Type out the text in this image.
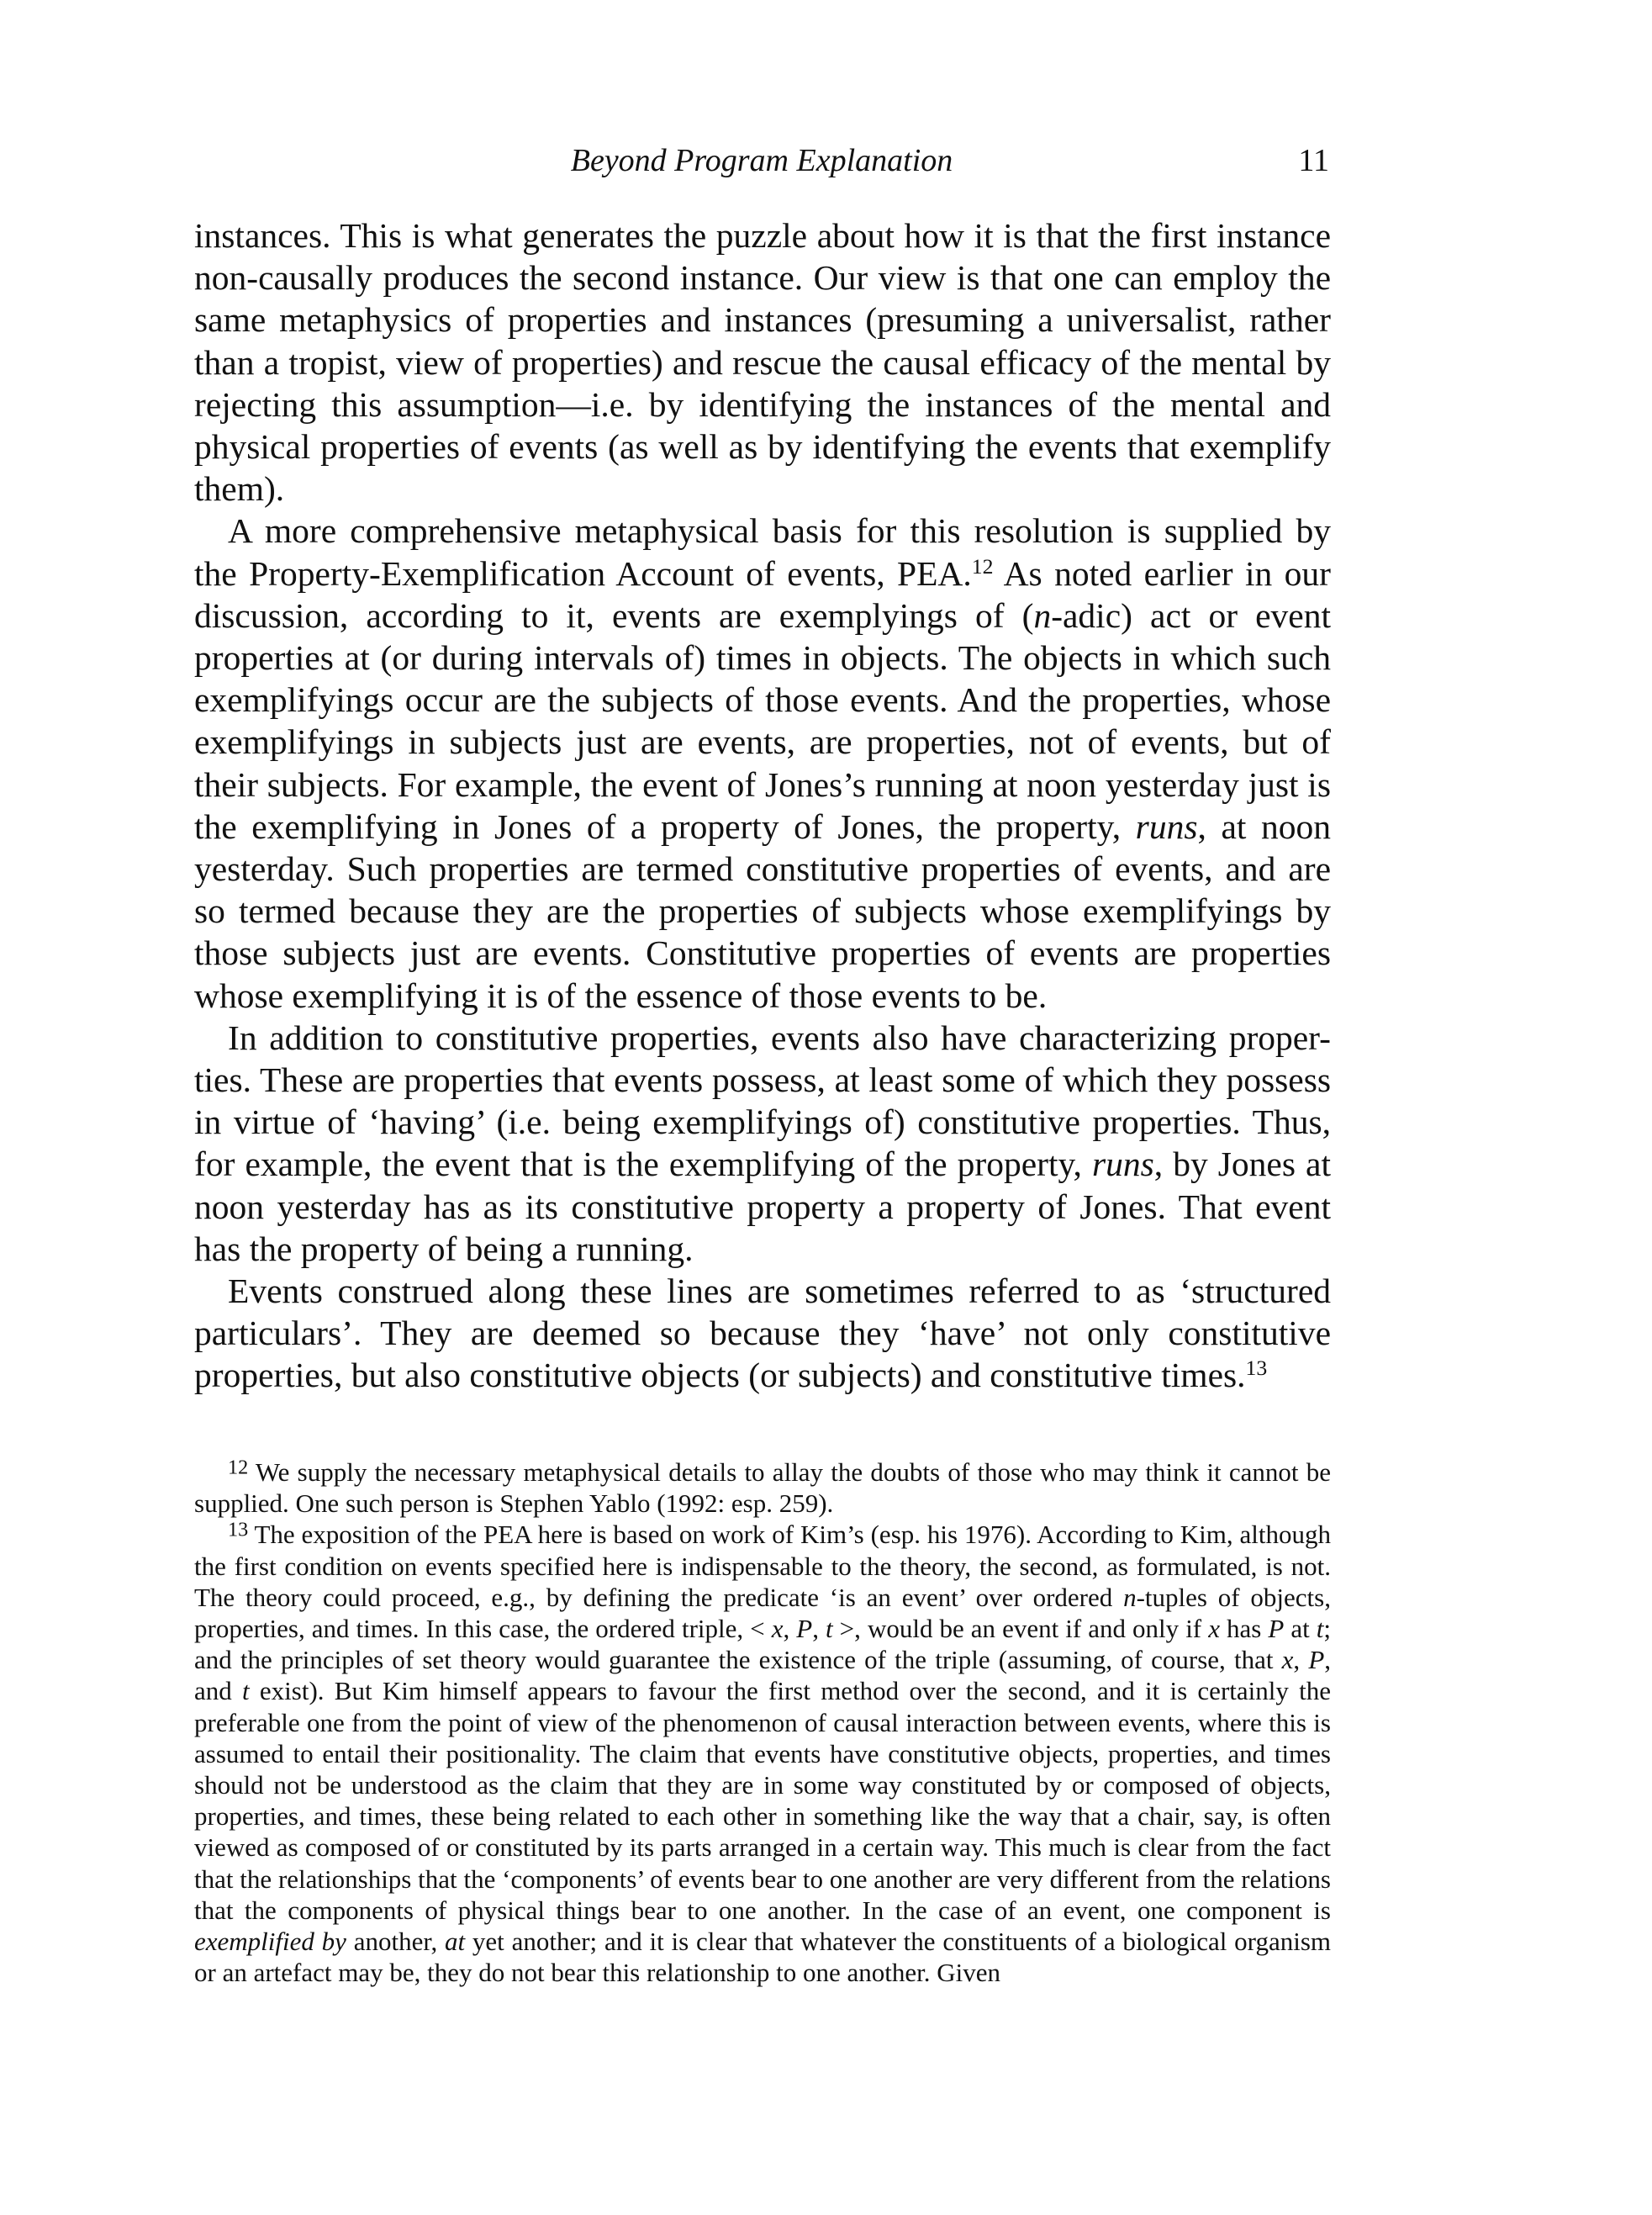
Beyond Program Explanation	11

instances. This is what generates the puzzle about how it is that the first instance non-causally produces the second instance. Our view is that one can employ the same metaphysics of properties and instances (presuming a universalist, rather than a tropist, view of properties) and rescue the causal efficacy of the mental by rejecting this assumption—i.e. by identifying the instances of the mental and physical properties of events (as well as by identifying the events that exemplify them).

A more comprehensive metaphysical basis for this resolution is supplied by the Property-Exemplification Account of events, PEA.$^{12}$ As noted earlier in our discussion, according to it, events are exemplyings of (n-adic) act or event properties at (or during intervals of) times in objects. The objects in which such exemplifyings occur are the subjects of those events. And the properties, whose exemplifyings in subjects just are events, are properties, not of events, but of their subjects. For example, the event of Jones’s running at noon yesterday just is the exemplifying in Jones of a property of Jones, the property, runs, at noon yesterday. Such properties are termed constitutive properties of events, and are so termed because they are the properties of subjects whose exemplifyings by those subjects just are events. Constitutive properties of events are properties whose exemplifying it is of the essence of those events to be.

In addition to constitutive properties, events also have characterizing proper-ties. These are properties that events possess, at least some of which they possess in virtue of ‘having’ (i.e. being exemplifyings of) constitutive properties. Thus, for example, the event that is the exemplifying of the property, runs, by Jones at noon yesterday has as its constitutive property a property of Jones. That event has the property of being a running.

Events construed along these lines are sometimes referred to as ‘structured particulars’. They are deemed so because they ‘have’ not only constitutive properties, but also constitutive objects (or subjects) and constitutive times.$^{13}$

$^{12}$ We supply the necessary metaphysical details to allay the doubts of those who may think it cannot be supplied. One such person is Stephen Yablo (1992: esp. 259).

$^{13}$ The exposition of the PEA here is based on work of Kim’s (esp. his 1976). According to Kim, although the first condition on events specified here is indispensable to the theory, the second, as formulated, is not. The theory could proceed, e.g., by defining the predicate ‘is an event’ over ordered n-tuples of objects, properties, and times. In this case, the ordered triple, < x, P, t >, would be an event if and only if x has P at t; and the principles of set theory would guarantee the existence of the triple (assuming, of course, that x, P, and t exist). But Kim himself appears to favour the first method over the second, and it is certainly the preferable one from the point of view of the phenomenon of causal interaction between events, where this is assumed to entail their positionality. The claim that events have constitutive objects, properties, and times should not be understood as the claim that they are in some way constituted by or composed of objects, properties, and times, these being related to each other in something like the way that a chair, say, is often viewed as composed of or constituted by its parts arranged in a certain way. This much is clear from the fact that the relationships that the ‘components’ of events bear to one another are very different from the relations that the components of physical things bear to one another. In the case of an event, one component is exemplified by another, at yet another; and it is clear that whatever the constituents of a biological organism or an artefact may be, they do not bear this relationship to one another. Given
